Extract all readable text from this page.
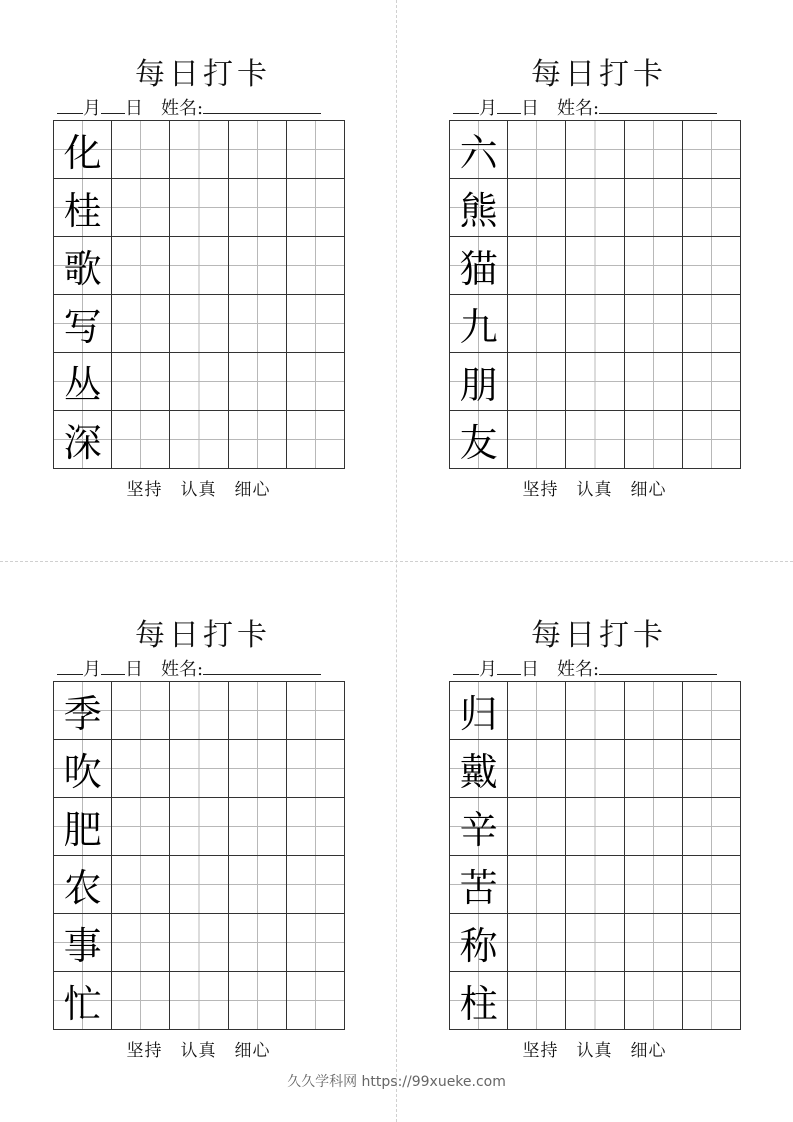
每日打卡
月 日 姓名:
化
桂
歌
写
丛
深
坚持 认真 细心
每日打卡
月 日 姓名:
六
熊
猫
九
朋
友
坚持 认真 细心
每日打卡
月 日 姓名:
季
吹
肥
农
事
忙
坚持 认真 细心
每日打卡
月 日 姓名:
归
戴
辛
苦
称
柱
坚持 认真 细心
久久学科网 https://99xueke.com
